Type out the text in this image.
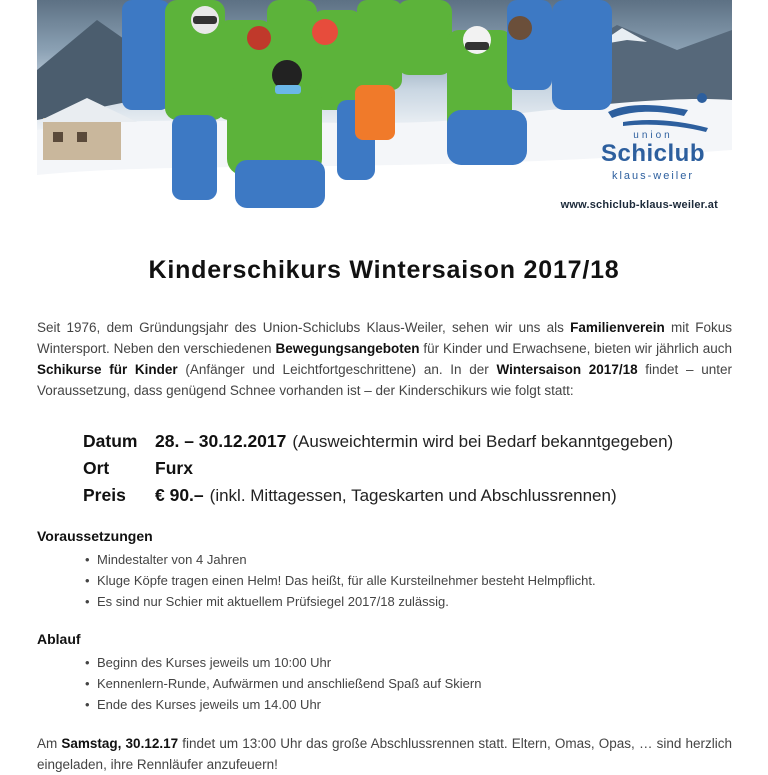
union
Schiclub
klaus-weiler
www.schiclub-klaus-weiler.at
Kinderschikurs Wintersaison 2017/18

Seit 1976, dem Gründungsjahr des Union-Schiclubs Klaus-Weiler, sehen wir uns als Familienverein mit Fokus Wintersport. Neben den verschiedenen Bewegungsangeboten für Kinder und Erwachsene, bieten wir jährlich auch Schikurse für Kinder (Anfänger und Leichtfortgeschrittene) an. In der Wintersaison 2017/18 findet – unter Voraussetzung, dass genügend Schnee vorhanden ist – der Kinderschikurs wie folgt statt:

Datum	28. – 30.12.2017 (Ausweichtermin wird bei Bedarf bekanntgegeben)
Ort	Furx
Preis	€ 90.– (inkl. Mittagessen, Tageskarten und Abschlussrennen)
Voraussetzungen
• Mindestalter von 4 Jahren
• Kluge Köpfe tragen einen Helm! Das heißt, für alle Kursteilnehmer besteht Helmpflicht.
• Es sind nur Schier mit aktuellem Prüfsiegel 2017/18 zulässig.
Ablauf
• Beginn des Kurses jeweils um 10:00 Uhr
• Kennenlern-Runde, Aufwärmen und anschließend Spaß auf Skiern
• Ende des Kurses jeweils um 14.00 Uhr

Am Samstag, 30.12.17 findet um 13:00 Uhr das große Abschlussrennen statt. Eltern, Omas, Opas, … sind herzlich eingeladen, ihre Rennläufer anzufeuern!
